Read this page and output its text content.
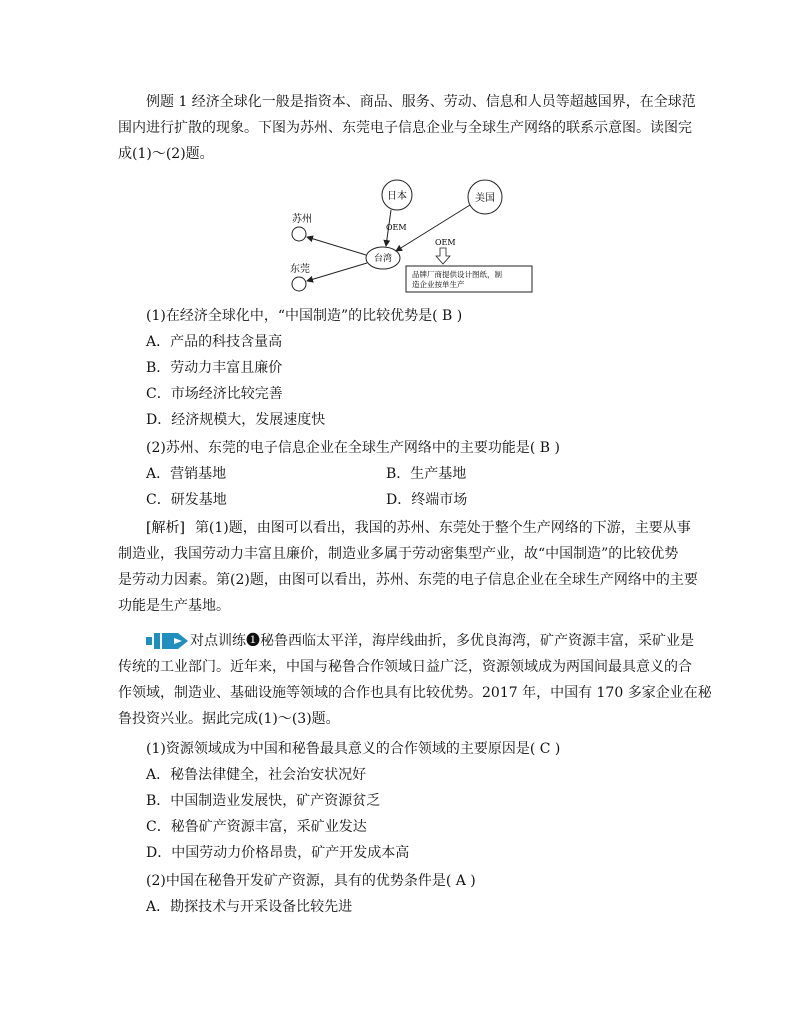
例题 1 经济全球化一般是指资本、商品、服务、劳动、信息和人员等超越国界，在全球范
围内进行扩散的现象。下图为苏州、东莞电子信息企业与全球生产网络的联系示意图。读图完
成(1)～(2)题。
日本	美国
台湾
苏州
东莞
OEM
OEM
品牌厂商提供设计图纸，制
造企业按单生产
(1)在经济全球化中，“中国制造”的比较优势是( B )
A．产品的科技含量高
B．劳动力丰富且廉价
C．市场经济比较完善
D．经济规模大，发展速度快
(2)苏州、东莞的电子信息企业在全球生产网络中的主要功能是( B )
A．营销基地	B．生产基地
C．研发基地	D．终端市场
[解析] 第(1)题，由图可以看出，我国的苏州、东莞处于整个生产网络的下游，主要从事
制造业，我国劳动力丰富且廉价，制造业多属于劳动密集型产业，故“中国制造”的比较优势
是劳动力因素。第(2)题，由图可以看出，苏州、东莞的电子信息企业在全球生产网络中的主要
功能是生产基地。
对点训练❶秘鲁西临太平洋，海岸线曲折，多优良海湾，矿产资源丰富，采矿业是
传统的工业部门。近年来，中国与秘鲁合作领域日益广泛，资源领域成为两国间最具意义的合
作领域，制造业、基础设施等领域的合作也具有比较优势。2017 年，中国有 170 多家企业在秘
鲁投资兴业。据此完成(1)～(3)题。
(1)资源领域成为中国和秘鲁最具意义的合作领域的主要原因是( C )
A．秘鲁法律健全，社会治安状况好
B．中国制造业发展快，矿产资源贫乏
C．秘鲁矿产资源丰富，采矿业发达
D．中国劳动力价格昂贵，矿产开发成本高
(2)中国在秘鲁开发矿产资源，具有的优势条件是( A )
A．勘探技术与开采设备比较先进
